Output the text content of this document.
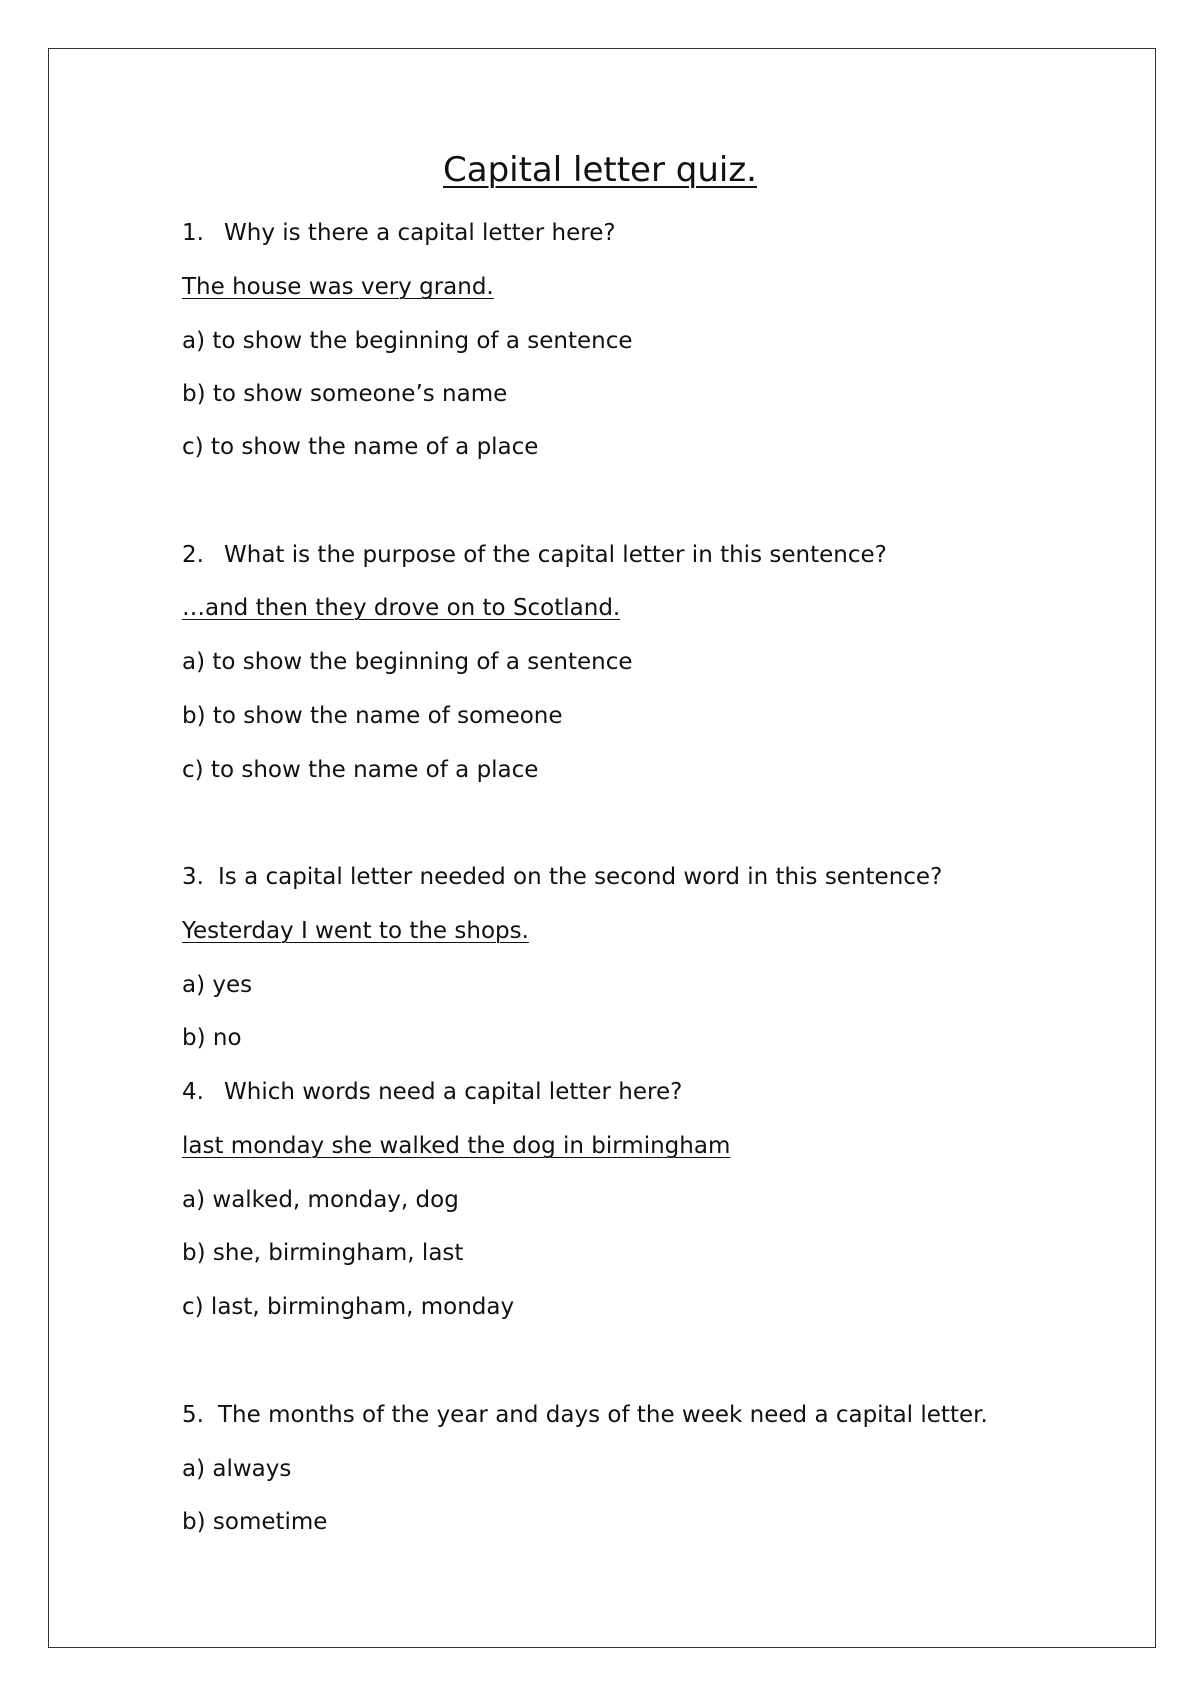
Capital letter quiz.
1. Why is there a capital letter here?
The house was very grand.
a) to show the beginning of a sentence
b) to show someone’s name
c) to show the name of a place
2. What is the purpose of the capital letter in this sentence?
…and then they drove on to Scotland.
a) to show the beginning of a sentence
b) to show the name of someone
c) to show the name of a place
3. Is a capital letter needed on the second word in this sentence?
Yesterday I went to the shops.
a) yes
b) no
4. Which words need a capital letter here?
last monday she walked the dog in birmingham
a) walked, monday, dog
b) she, birmingham, last
c) last, birmingham, monday
5. The months of the year and days of the week need a capital letter.
a) always
b) sometime
